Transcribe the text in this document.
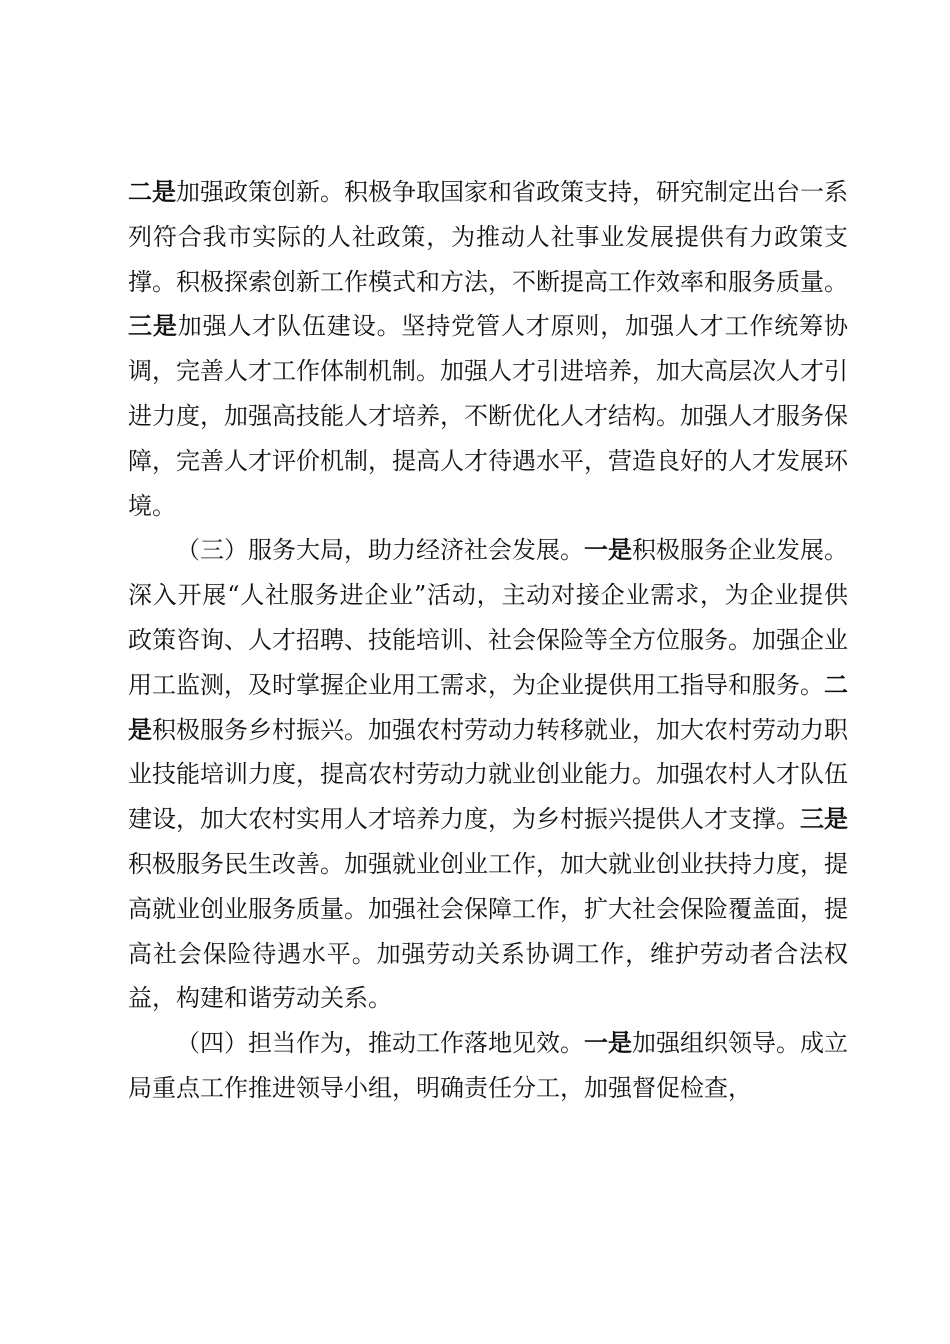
二是加强政策创新。积极争取国家和省政策支持，研究制定出台一系列符合我市实际的人社政策，为推动人社事业发展提供有力政策支撑。积极探索创新工作模式和方法，不断提高工作效率和服务质量。三是加强人才队伍建设。坚持党管人才原则，加强人才工作统筹协调，完善人才工作体制机制。加强人才引进培养，加大高层次人才引进力度，加强高技能人才培养，不断优化人才结构。加强人才服务保障，完善人才评价机制，提高人才待遇水平，营造良好的人才发展环境。

（三）服务大局，助力经济社会发展。一是积极服务企业发展。深入开展“人社服务进企业”活动，主动对接企业需求，为企业提供政策咨询、人才招聘、技能培训、社会保险等全方位服务。加强企业用工监测，及时掌握企业用工需求，为企业提供用工指导和服务。二是积极服务乡村振兴。加强农村劳动力转移就业，加大农村劳动力职业技能培训力度，提高农村劳动力就业创业能力。加强农村人才队伍建设，加大农村实用人才培养力度，为乡村振兴提供人才支撑。三是积极服务民生改善。加强就业创业工作，加大就业创业扶持力度，提高就业创业服务质量。加强社会保障工作，扩大社会保险覆盖面，提高社会保险待遇水平。加强劳动关系协调工作，维护劳动者合法权益，构建和谐劳动关系。

（四）担当作为，推动工作落地见效。一是加强组织领导。成立局重点工作推进领导小组，明确责任分工，加强督促检查，
